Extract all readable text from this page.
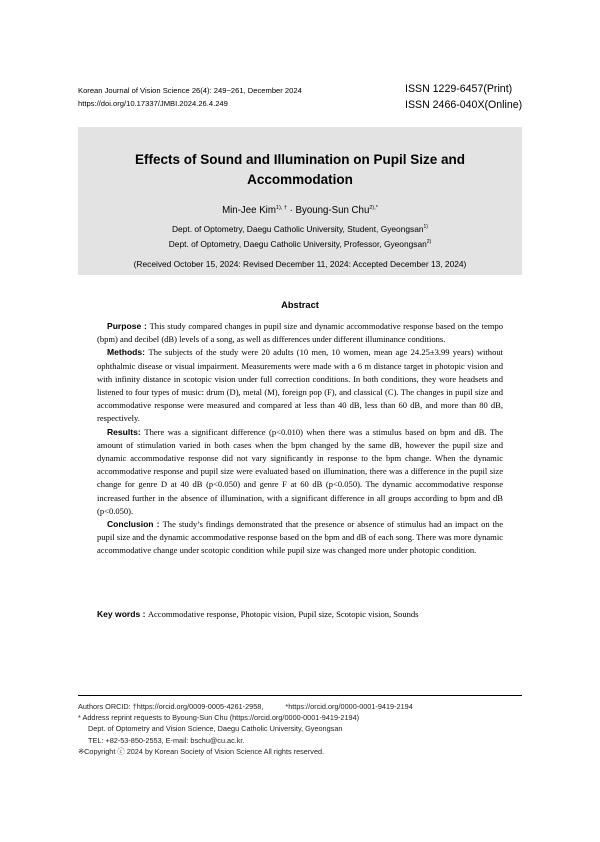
Korean Journal of Vision Science 26(4): 249~261, December 2024
https://doi.org/10.17337/JMBI.2024.26.4.249
ISSN 1229-6457(Print)
ISSN 2466-040X(Online)
Effects of Sound and Illumination on Pupil Size and
Accommodation
Min-Jee Kim$^{1), \dagger}$ · Byoung-Sun Chu$^{2),*}$
Dept. of Optometry, Daegu Catholic University, Student, Gyeongsan$^{1)}$
Dept. of Optometry, Daegu Catholic University, Professor, Gyeongsan$^{2)}$
(Received October 15, 2024: Revised December 11, 2024: Accepted December 13, 2024)
Abstract

Purpose : This study compared changes in pupil size and dynamic accommodative response based on the tempo (bpm) and decibel (dB) levels of a song, as well as differences under different illuminance conditions.

Methods: The subjects of the study were 20 adults (10 men, 10 women, mean age 24.25±3.99 years) without ophthalmic disease or visual impairment. Measurements were made with a 6 m distance target in photopic vision and with infinity distance in scotopic vision under full correction conditions. In both conditions, they wore headsets and listened to four types of music: drum (D), metal (M), foreign pop (F), and classical (C). The changes in pupil size and accommodative response were measured and compared at less than 40 dB, less than 60 dB, and more than 80 dB, respectively.

Results: There was a significant difference (p<0.010) when there was a stimulus based on bpm and dB. The amount of stimulation varied in both cases when the bpm changed by the same dB, however the pupil size and dynamic accommodative response did not vary significantly in response to the bpm change. When the dynamic accommodative response and pupil size were evaluated based on illumination, there was a difference in the pupil size change for genre D at 40 dB (p<0.050) and genre F at 60 dB (p<0.050). The dynamic accommodative response increased further in the absence of illumination, with a significant difference in all groups according to bpm and dB (p<0.050).

Conclusion : The study’s findings demonstrated that the presence or absence of stimulus had an impact on the pupil size and the dynamic accommodative response based on the bpm and dB of each song. There was more dynamic accommodative change under scotopic condition while pupil size was changed more under photopic condition.

Key words : Accommodative response, Photopic vision, Pupil size, Scotopic vision, Sounds
Authors ORCID: †https://orcid.org/0009-0005-4261-2958,	*https://orcid.org/0000-0001-9419-2194
* Address reprint requests to Byoung-Sun Chu (https://orcid.org/0000-0001-9419-2194)
Dept. of Optometry and Vision Science, Daegu Catholic University, Gyeongsan
TEL: +82-53-850-2553, E-mail: bschu@cu.ac.kr.
※Copyright ⓒ 2024 by Korean Society of Vision Science All rights reserved.
